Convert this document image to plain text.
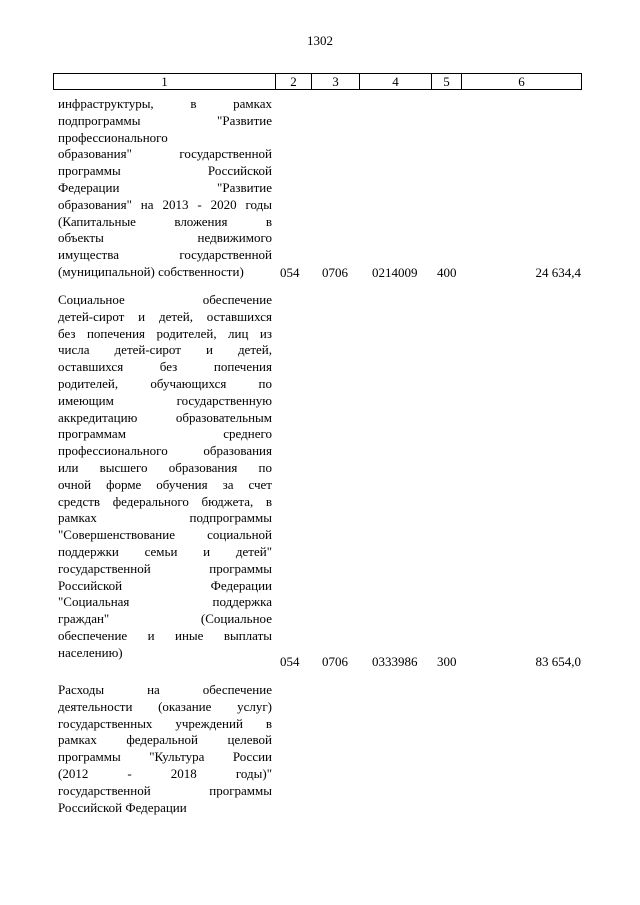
1302
1	2	3	4	5	6
инфраструктуры, в рамках
подпрограммы "Развитие
профессионального
образования" государственной
программы Российской
Федерации "Развитие
образования" на 2013 - 2020 годы
(Капитальные вложения в
объекты недвижимого
имущества государственной
(муниципальной) собственности)	054 0706 0214009 400	24 634,4
Социальное обеспечение
детей-сирот и детей, оставшихся
без попечения родителей, лиц из
числа детей-сирот и детей,
оставшихся без попечения
родителей, обучающихся по
имеющим государственную
аккредитацию образовательным
программам среднего
профессионального образования
или высшего образования по
очной форме обучения за счет
средств федерального бюджета, в
рамках подпрограммы
"Совершенствование социальной
поддержки семьи и детей"
государственной программы
Российской Федерации
"Социальная поддержка
граждан" (Социальное
обеспечение и иные выплаты
населению)
054 0706 0333986 300	83 654,0
Расходы на обеспечение
деятельности (оказание услуг)
государственных учреждений в
рамках федеральной целевой
программы "Культура России
(2012 - 2018 годы)"
государственной программы
Российской Федерации
